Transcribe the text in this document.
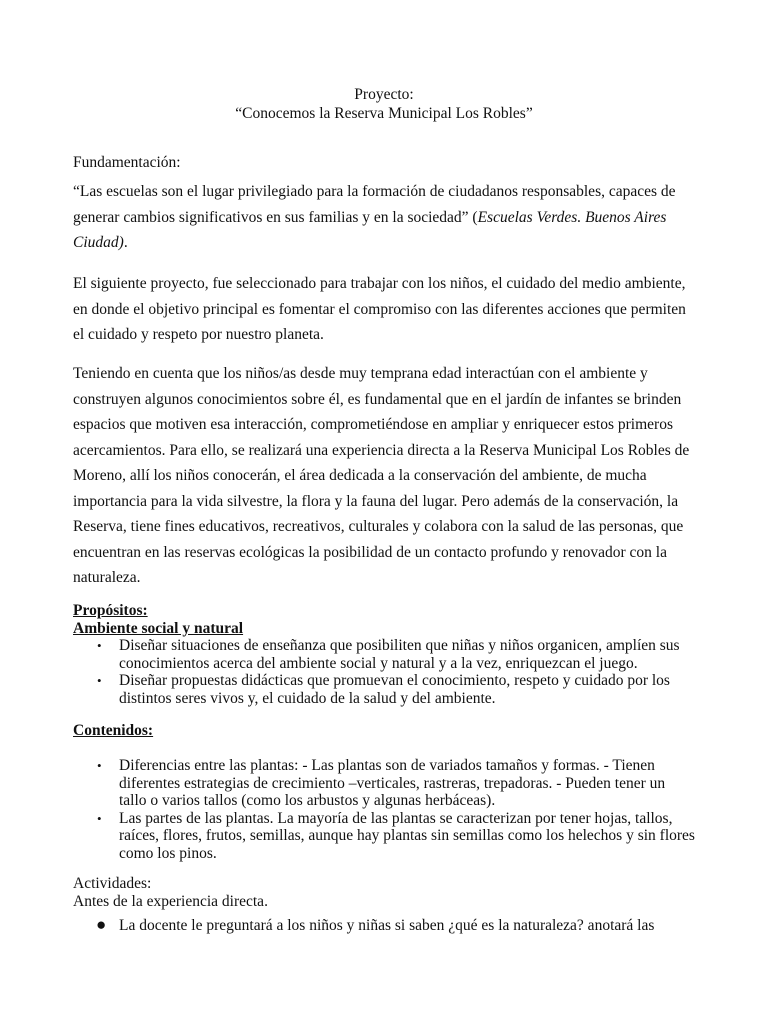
Proyecto:
“Conocemos la Reserva Municipal Los Robles”

Fundamentación:

“Las escuelas son el lugar privilegiado para la formación de ciudadanos responsables, capaces de generar cambios significativos en sus familias y en la sociedad” (Escuelas Verdes. Buenos Aires Ciudad).

El siguiente proyecto, fue seleccionado para trabajar con los niños, el cuidado del medio ambiente, en donde el objetivo principal es fomentar el compromiso con las diferentes acciones que permiten el cuidado y respeto por nuestro planeta.

Teniendo en cuenta que los niños/as desde muy temprana edad interactúan con el ambiente y construyen algunos conocimientos sobre él, es fundamental que en el jardín de infantes se brinden espacios que motiven esa interacción, comprometiéndose en ampliar y enriquecer estos primeros acercamientos. Para ello, se realizará una experiencia directa a la Reserva Municipal Los Robles de Moreno, allí los niños conocerán, el área dedicada a la conservación del ambiente, de mucha importancia para la vida silvestre, la flora y la fauna del lugar. Pero además de la conservación, la Reserva, tiene fines educativos, recreativos, culturales y colabora con la salud de las personas, que encuentran en las reservas ecológicas la posibilidad de un contacto profundo y renovador con la naturaleza.

Propósitos:

Ambiente social y natural

• Diseñar situaciones de enseñanza que posibiliten que niñas y niños organicen, amplíen sus conocimientos acerca del ambiente social y natural y a la vez, enriquezcan el juego.
• Diseñar propuestas didácticas que promuevan el conocimiento, respeto y cuidado por los distintos seres vivos y, el cuidado de la salud y del ambiente.

Contenidos:

• Diferencias entre las plantas: - Las plantas son de variados tamaños y formas. - Tienen diferentes estrategias de crecimiento –verticales, rastreras, trepadoras. - Pueden tener un tallo o varios tallos (como los arbustos y algunas herbáceas).
• Las partes de las plantas. La mayoría de las plantas se caracterizan por tener hojas, tallos, raíces, flores, frutos, semillas, aunque hay plantas sin semillas como los helechos y sin flores como los pinos.

Actividades:

Antes de la experiencia directa.

● La docente le preguntará a los niños y niñas si saben ¿qué es la naturaleza? anotará las
